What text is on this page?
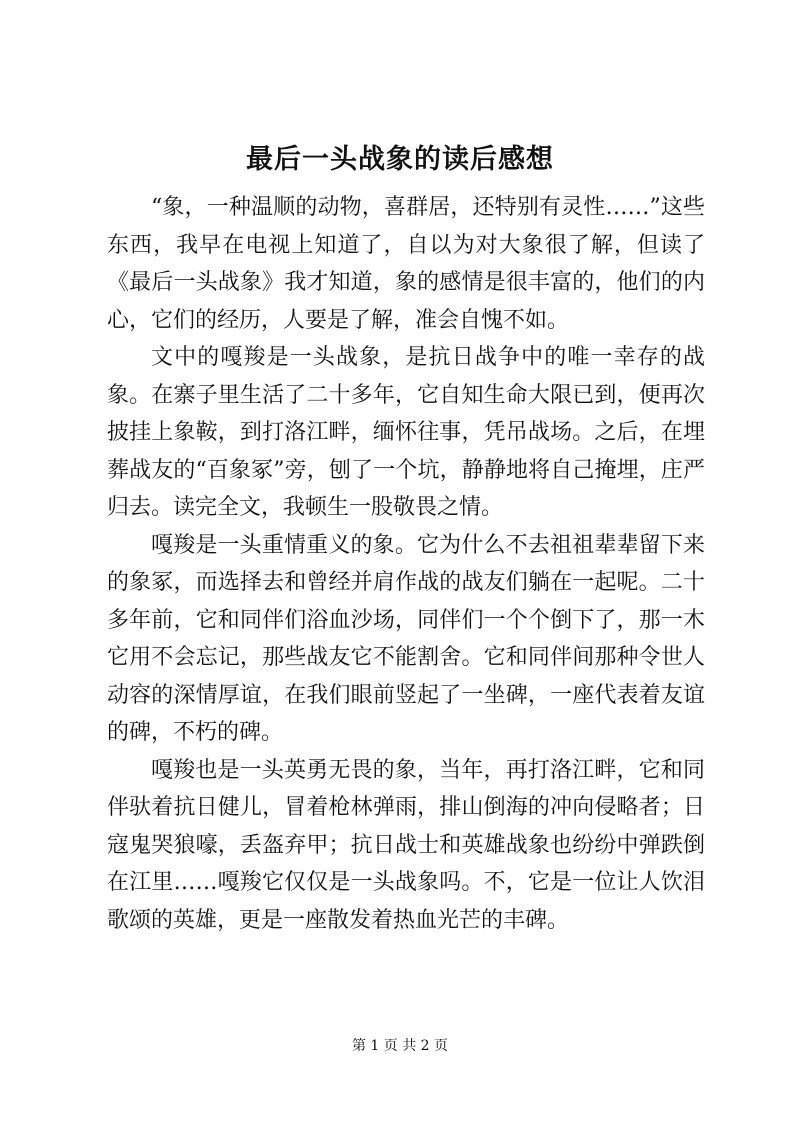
最后一头战象的读后感想

“象，一种温顺的动物，喜群居，还特别有灵性……”这些东西，我早在电视上知道了，自以为对大象很了解，但读了《最后一头战象》我才知道，象的感情是很丰富的，他们的内心，它们的经历，人要是了解，准会自愧不如。

文中的嘎羧是一头战象，是抗日战争中的唯一幸存的战象。在寨子里生活了二十多年，它自知生命大限已到，便再次披挂上象鞍，到打洛江畔，缅怀往事，凭吊战场。之后，在埋葬战友的“百象冢”旁，刨了一个坑，静静地将自己掩埋，庄严归去。读完全文，我顿生一股敬畏之情。

嘎羧是一头重情重义的象。它为什么不去祖祖辈辈留下来的象冢，而选择去和曾经并肩作战的战友们躺在一起呢。二十多年前，它和同伴们浴血沙场，同伴们一个个倒下了，那一木它用不会忘记，那些战友它不能割舍。它和同伴间那种令世人动容的深情厚谊，在我们眼前竖起了一坐碑，一座代表着友谊的碑，不朽的碑。

嘎羧也是一头英勇无畏的象，当年，再打洛江畔，它和同伴驮着抗日健儿，冒着枪林弹雨，排山倒海的冲向侵略者；日寇鬼哭狼嚎，丢盔弃甲；抗日战士和英雄战象也纷纷中弹跌倒在江里……嘎羧它仅仅是一头战象吗。不，它是一位让人饮泪歌颂的英雄，更是一座散发着热血光芒的丰碑。

第 1 页 共 2 页
